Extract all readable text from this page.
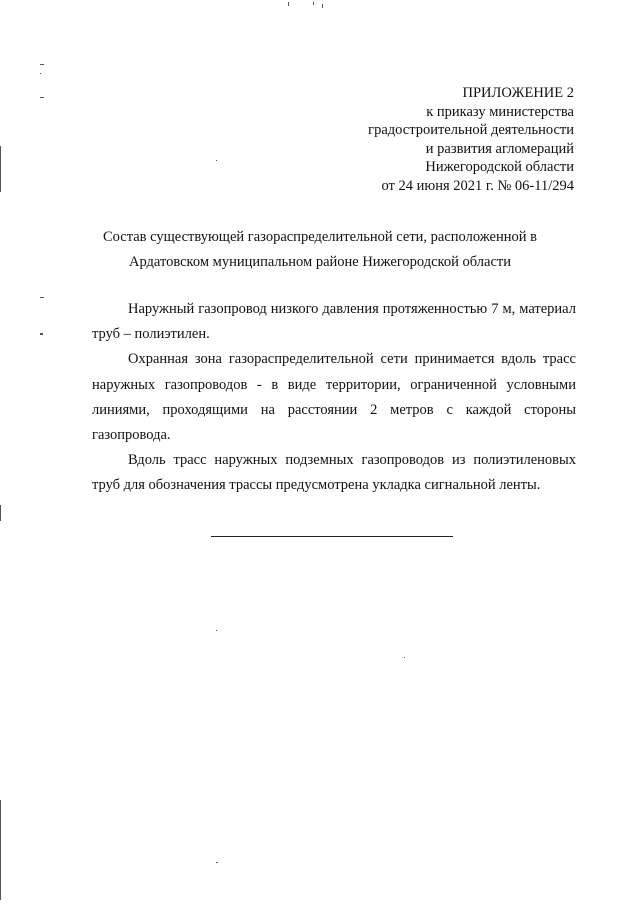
ПРИЛОЖЕНИЕ 2
к приказу министерства
градостроительной деятельности
и развития агломераций
Нижегородской области
от 24 июня 2021 г. № 06-11/294
Состав существующей газораспределительной сети, расположенной в
Ардатовском муниципальном районе Нижегородской области

Наружный газопровод низкого давления протяженностью 7 м, материал труб – полиэтилен.

Охранная зона газораспределительной сети принимается вдоль трасс наружных газопроводов - в виде территории, ограниченной условными линиями, проходящими на расстоянии 2 метров с каждой стороны газопровода.

Вдоль трасс наружных подземных газопроводов из полиэтиленовых труб для обозначения трассы предусмотрена укладка сигнальной ленты.
